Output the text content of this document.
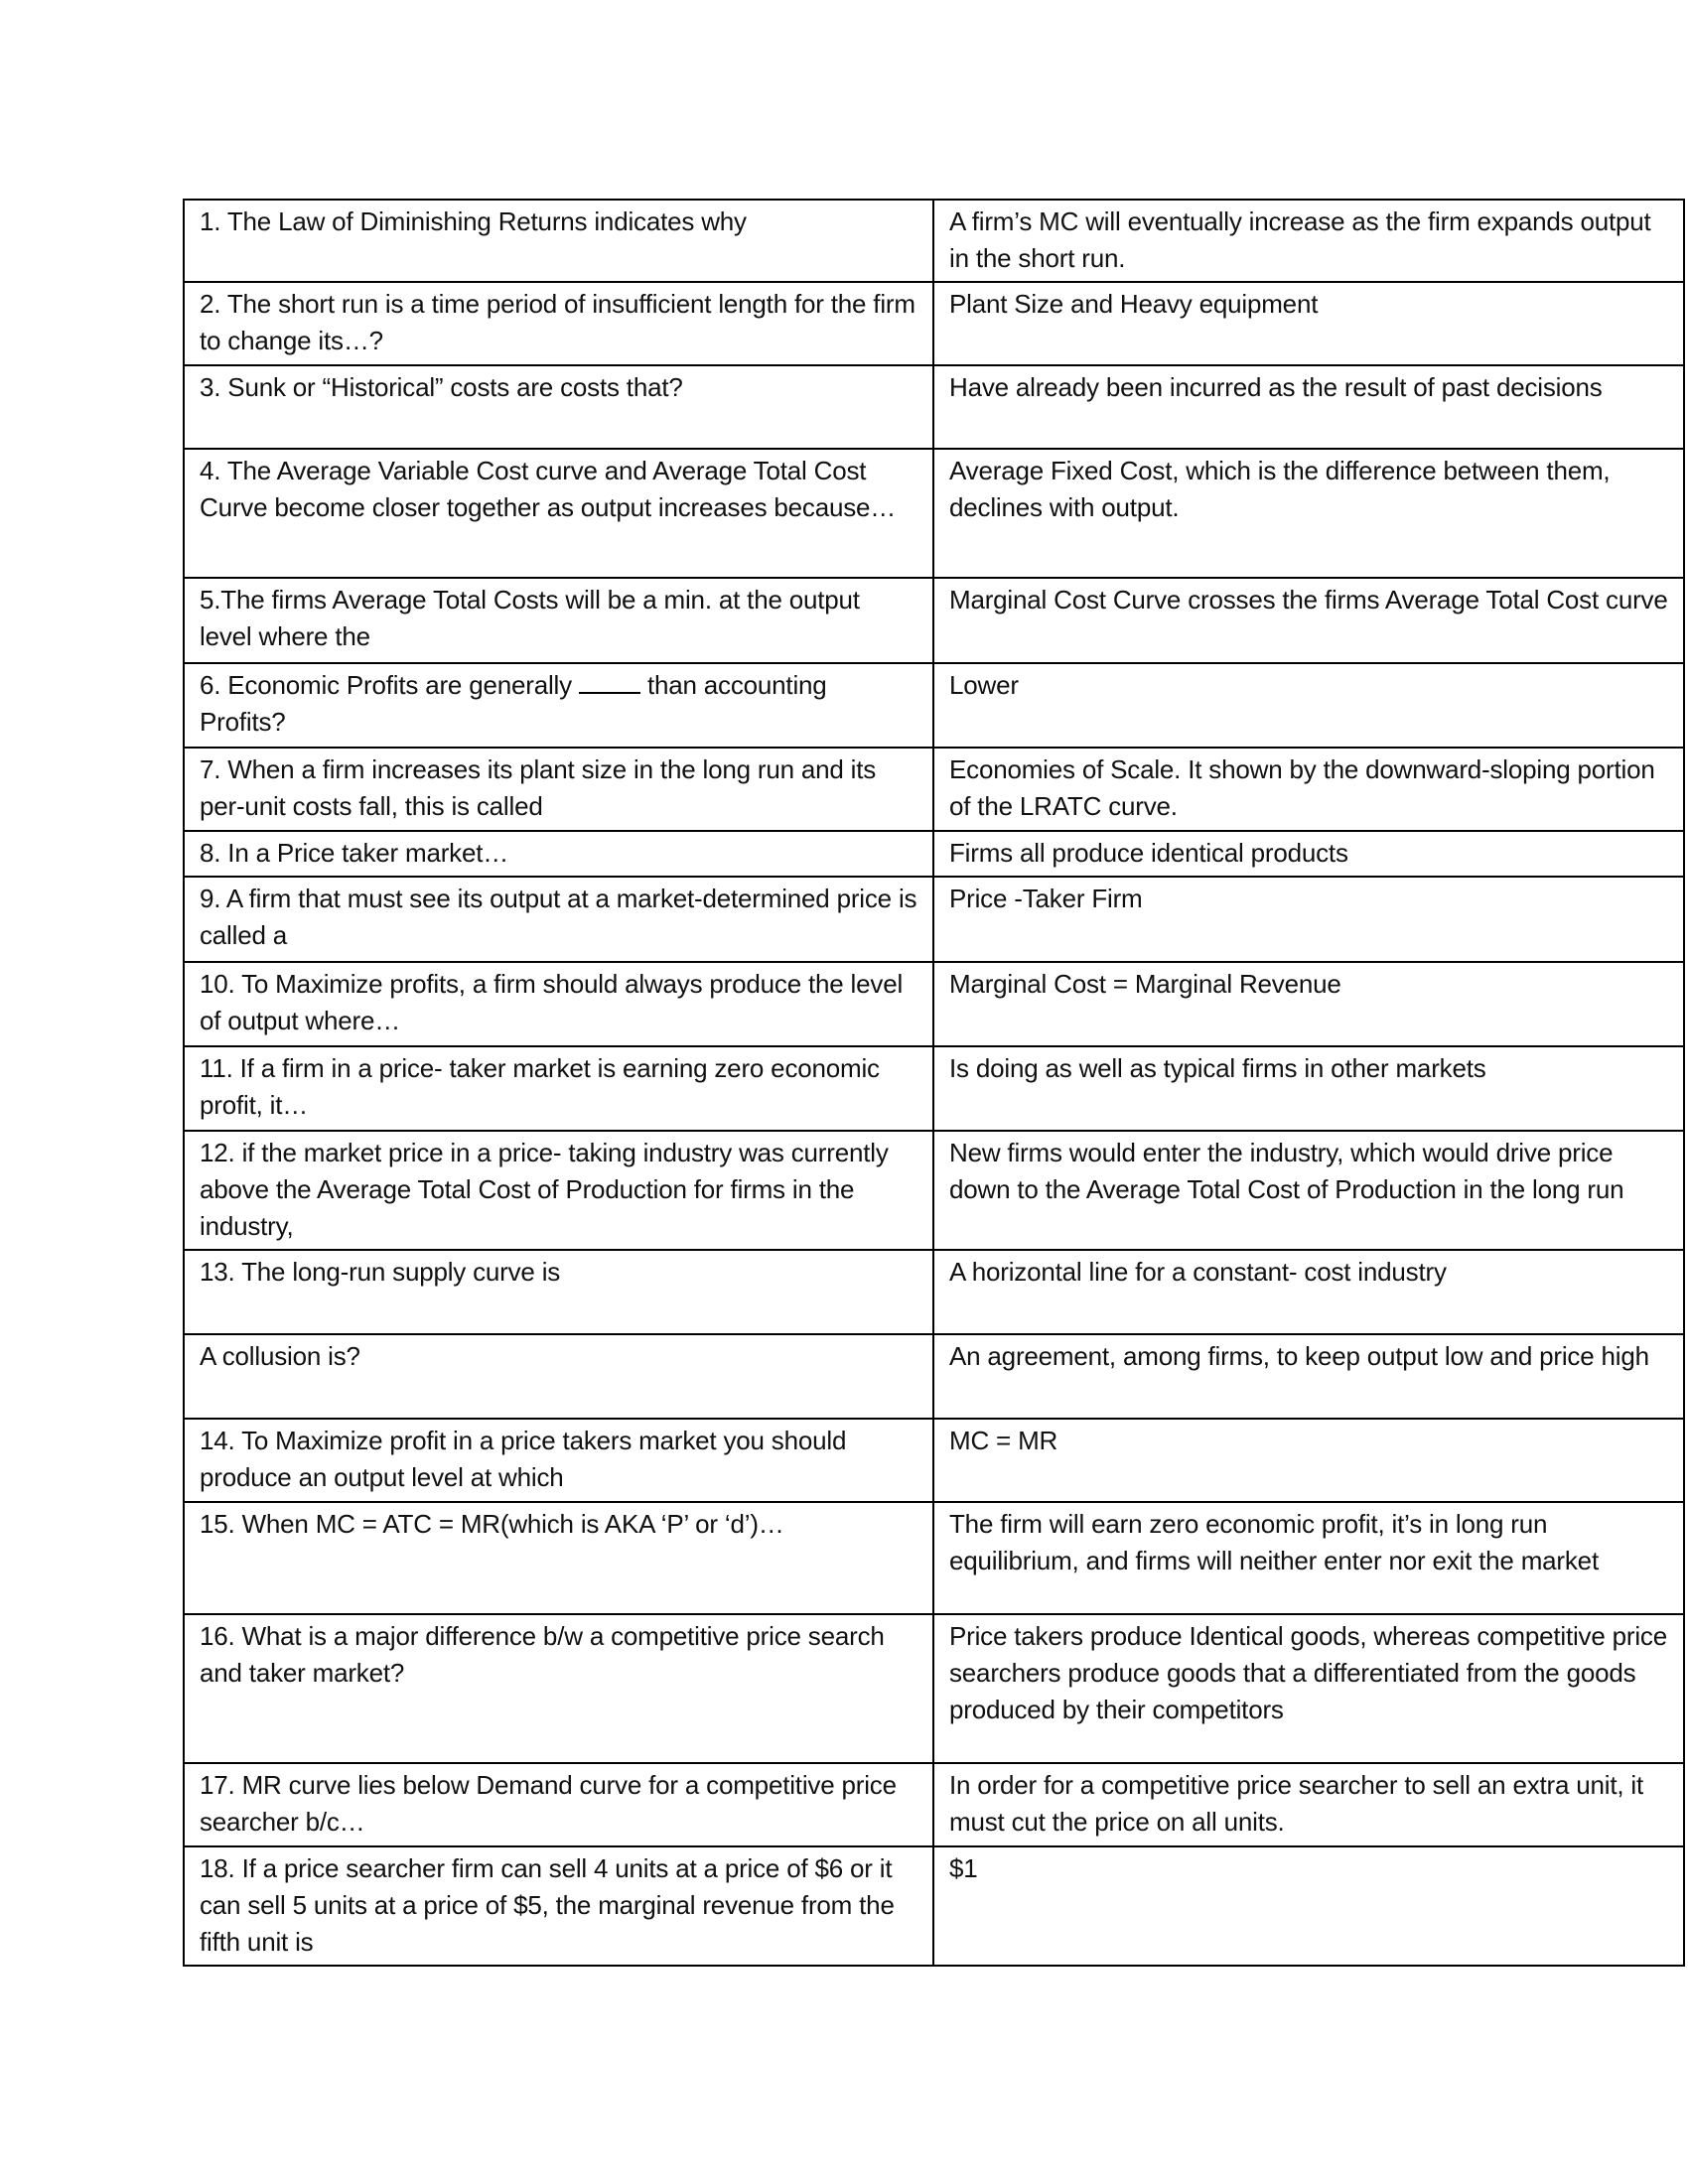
1. The Law of Diminishing Returns indicates why	A firm’s MC will eventually increase as the firm expands output in the short run.
2. The short run is a time period of insufficient length for the firm to change its…?	Plant Size and Heavy equipment
3. Sunk or “Historical” costs are costs that?	Have already been incurred as the result of past decisions
4. The Average Variable Cost curve and Average Total Cost Curve become closer together as output increases because…	Average Fixed Cost, which is the difference between them, declines with output.
5.The firms Average Total Costs will be a min. at the output level where the	Marginal Cost Curve crosses the firms Average Total Cost curve
6. Economic Profits are generally  than accounting Profits?	Lower
7. When a firm increases its plant size in the long run and its per-unit costs fall, this is called	Economies of Scale. It shown by the downward-sloping portion of the LRATC curve.
8. In a Price taker market…	Firms all produce identical products
9. A firm that must see its output at a market-determined price is called a	Price -Taker Firm
10. To Maximize profits, a firm should always produce the level of output where…	Marginal Cost = Marginal Revenue
11. If a firm in a price- taker market is earning zero economic profit, it…	Is doing as well as typical firms in other markets
12. if the market price in a price- taking industry was currently above the Average Total Cost of Production for firms in the industry,	New firms would enter the industry, which would drive price down to the Average Total Cost of Production in the long run
13. The long-run supply curve is	A horizontal line for a constant- cost industry
A collusion is?	An agreement, among firms, to keep output low and price high
14. To Maximize profit in a price takers market you should produce an output level at which	MC = MR
15. When MC = ATC = MR(which is AKA ‘P’ or ‘d’)…	The firm will earn zero economic profit, it’s in long run equilibrium, and firms will neither enter nor exit the market
16. What is a major difference b/w a competitive price search and taker market?	Price takers produce Identical goods, whereas competitive price searchers produce goods that a differentiated from the goods produced by their competitors
17. MR curve lies below Demand curve for a competitive price searcher b/c…	In order for a competitive price searcher to sell an extra unit, it must cut the price on all units.
18. If a price searcher firm can sell 4 units at a price of $6 or it can sell 5 units at a price of $5, the marginal revenue from the fifth unit is	$1
